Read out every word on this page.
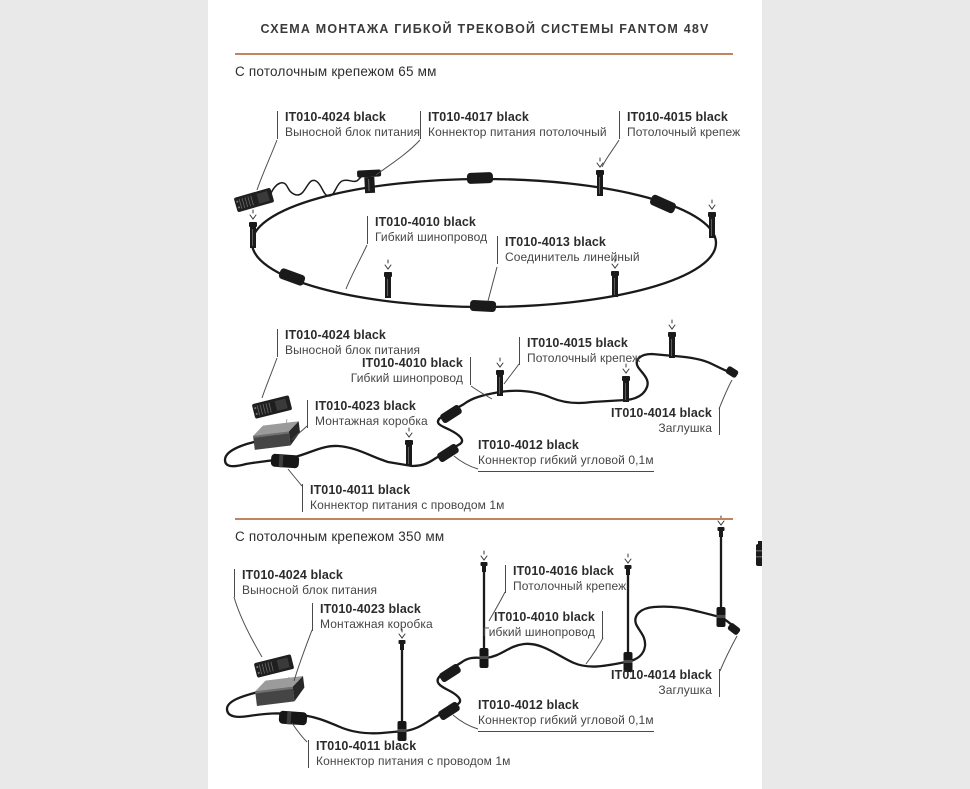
СХЕМА МОНТАЖА ГИБКОЙ ТРЕКОВОЙ СИСТЕМЫ FANTOM 48V
С потолочным крепежом 65 мм
С потолочным крепежом 350 мм
IT010-4024 black
Выносной блок питания
IT010-4017 black
Коннектор питания потолочный
IT010-4015 black
Потолочный крепеж
IT010-4010 black
Гибкий шинопровод IT010-4013 black
Соединитель линейный
IT010-4024 black
Выносной блок питания
IT010-4010 black
Гибкий шинопровод
IT010-4023 black
Монтажная коробка
IT010-4015 black
Потолочный крепеж
IT010-4014 black
Заглушка
IT010-4012 black
Коннектор гибкий угловой 0,1м
IT010-4011 black
Коннектор питания с проводом 1м
IT010-4024 black
Выносной блок питания
IT010-4023 black
Монтажная коробка
IT010-4016 black
Потолочный крепеж
IT010-4010 black
Гибкий шинопровод
IT010-4014 black
Заглушка
IT010-4012 black
Коннектор гибкий угловой 0,1м
IT010-4011 black
Коннектор питания с проводом 1м
